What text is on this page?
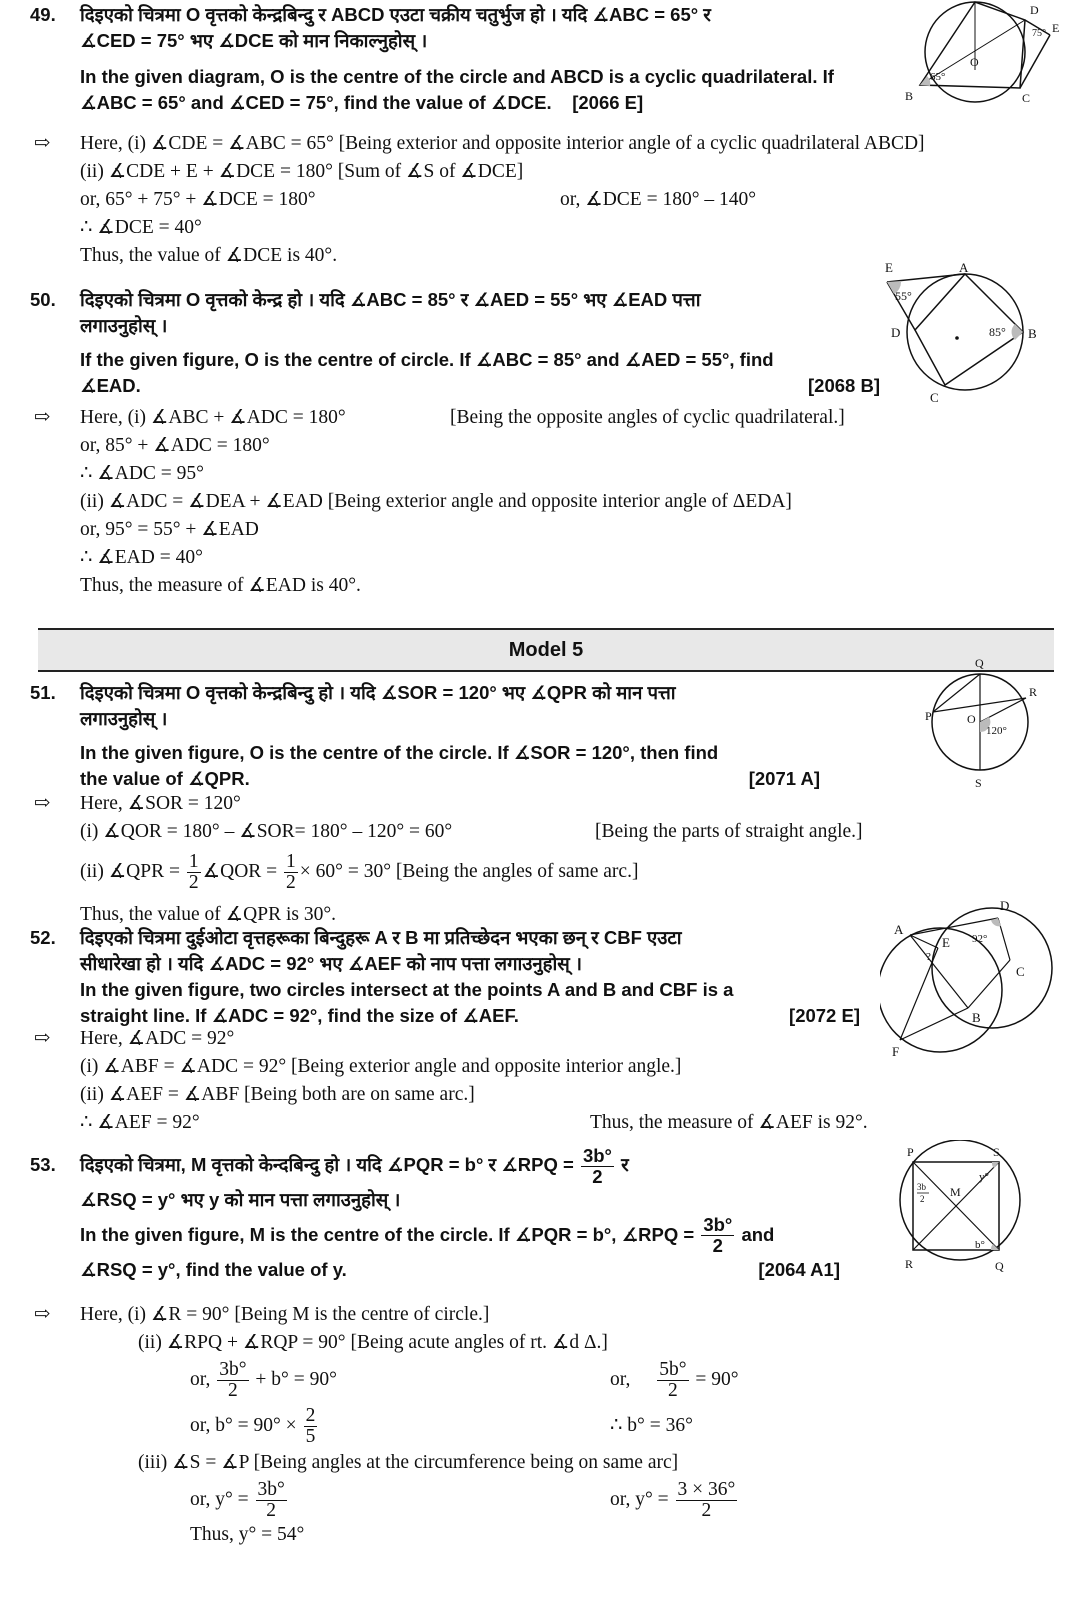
49. दिइएको चित्रमा O वृत्तको केन्द्रबिन्दु र ABCD एउटा चक्रीय चतुर्भुज हो । यदि ∡ABC = 65° र
∡CED = 75° भए ∡DCE को मान निकाल्नुहोस् ।
In the given diagram, O is the centre of the circle and ABCD is a cyclic quadrilateral. If
∡ABC = 65° and ∡CED = 75°, find the value of ∡DCE. [2066 E]
⇨ Here, (i) ∡CDE = ∡ABC = 65° [Being exterior and opposite interior angle of a cyclic quadrilateral ABCD]
(ii) ∡CDE + E + ∡DCE = 180° [Sum of ∡S of ∡DCE]
or, 65° + 75° + ∡DCE = 180°	or, ∡DCE = 180° – 140°
∴ ∡DCE = 40°
Thus, the value of ∡DCE is 40°.
65°
75°
O
B	C
D
E
50. दिइएको चित्रमा O वृत्तको केन्द्र हो । यदि ∡ABC = 85° र ∡AED = 55° भए ∡EAD पत्ता
लगाउनुहोस् ।
If the given figure, O is the centre of circle. If ∡ABC = 85° and ∡AED = 55°, find
∡EAD.	[2068 B]
⇨ Here, (i) ∡ABC + ∡ADC = 180°	[Being the opposite angles of cyclic quadrilateral.]
or, 85° + ∡ADC = 180°
∴ ∡ADC = 95°
(ii) ∡ADC = ∡DEA + ∡EAD [Being exterior angle and opposite interior angle of ΔEDA]
or, 95° = 55° + ∡EAD
∴ ∡EAD = 40°
Thus, the measure of ∡EAD is 40°.
55°
85°
E	A
B
C
D
Model 5
51. दिइएको चित्रमा O वृत्तको केन्द्रबिन्दु हो । यदि ∡SOR = 120° भए ∡QPR को मान पत्ता
लगाउनुहोस् ।
In the given figure, O is the centre of the circle. If ∡SOR = 120°, then find
the value of ∡QPR.	[2071 A]
⇨ Here, ∡SOR = 120°
(i) ∡QOR = 180° – ∡SOR= 180° – 120° = 60°	[Being the parts of straight angle.]
(ii) ∡QPR = $\frac{1}{2}$ ∡QOR = $\frac{1}{2} \times 60^\circ = 30^\circ$ [Being the angles of same arc.]
Thus, the value of ∡QPR is 30°.
Q
R
P	O
S
120°
52. दिइएको चित्रमा दुईओटा वृत्तहरूका बिन्दुहरू A र B मा प्रतिच्छेदन भएका छन् र CBF एउटा
सीधारेखा हो । यदि ∡ADC = 92° भए ∡AEF को नाप पत्ता लगाउनुहोस् ।
In the given figure, two circles intersect at the points A and B and CBF is a
straight line. If ∡ADC = 92°, find the size of ∡AEF.	[2072 E]
⇨ Here, ∡ADC = 92°
(i) ∡ABF = ∡ADC = 92° [Being exterior angle and opposite interior angle.]
(ii) ∡AEF = ∡ABF [Being both are on same arc.]
∴ ∡AEF = 92°	Thus, the measure of ∡AEF is 92°.
A
D
C
B
F
E 92°
?
53. दिइएको चित्रमा, M वृत्तको केन्दबिन्दु हो । यदि ∡PQR = b° र ∡RPQ = $\frac{3b^\circ}{2}$ र
∡RSQ = y° भए y को मान पत्ता लगाउनुहोस् ।
In the given figure, M is the centre of the circle. If ∡PQR = b°, ∡RPQ = $\frac{3b^\circ}{2}$ and
∡RSQ = y°, find the value of y.	[2064 A1]
⇨ Here, (i) ∡R = 90° [Being M is the centre of circle.]
(ii) ∡RPQ + ∡RQP = 90° [Being acute angles of rt. ∡d Δ.]
or, $\frac{3b^\circ}{2} + b^\circ = 90^\circ$	or, $\frac{5b^\circ}{2} = 90^\circ$
or, $b^\circ = 90^\circ \times \frac{2}{5}$	∴ b° = 36°
(iii) ∡S = ∡P [Being angles at the circumference being on same arc]
or, $y^\circ = \frac{3b^\circ}{2}$	or, $y^\circ = \frac{3 \times 36^\circ}{2}$
Thus, y° = 54°
P	S
R	Q
M
3b
2
y°
b°
